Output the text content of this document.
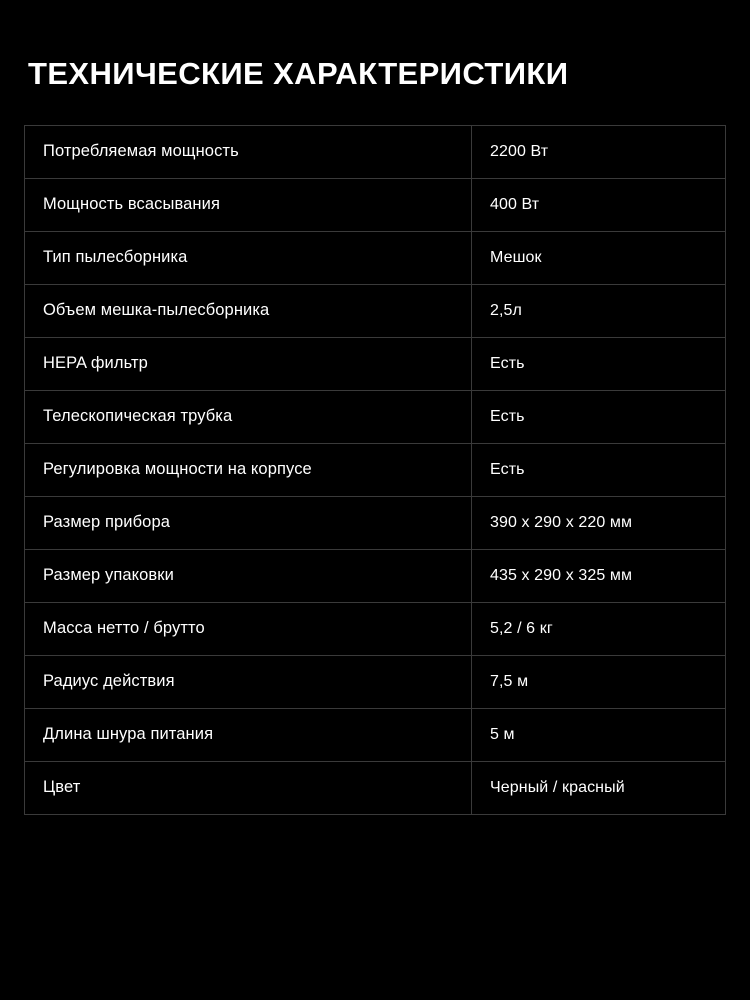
ТЕХНИЧЕСКИЕ ХАРАКТЕРИСТИКИ
Потребляемая мощность	2200 Вт
Мощность всасывания	400 Вт
Тип пылесборника	Мешок
Объем мешка-пылесборника	2,5л
HEPA фильтр	Есть
Телескопическая трубка	Есть
Регулировка мощности на корпусе	Есть
Размер прибора	390 x 290 x 220 мм
Размер упаковки	435 x 290 x 325 мм
Масса нетто / брутто	5,2 / 6 кг
Радиус действия	7,5 м
Длина шнура питания	5 м
Цвет	Черный / красный
